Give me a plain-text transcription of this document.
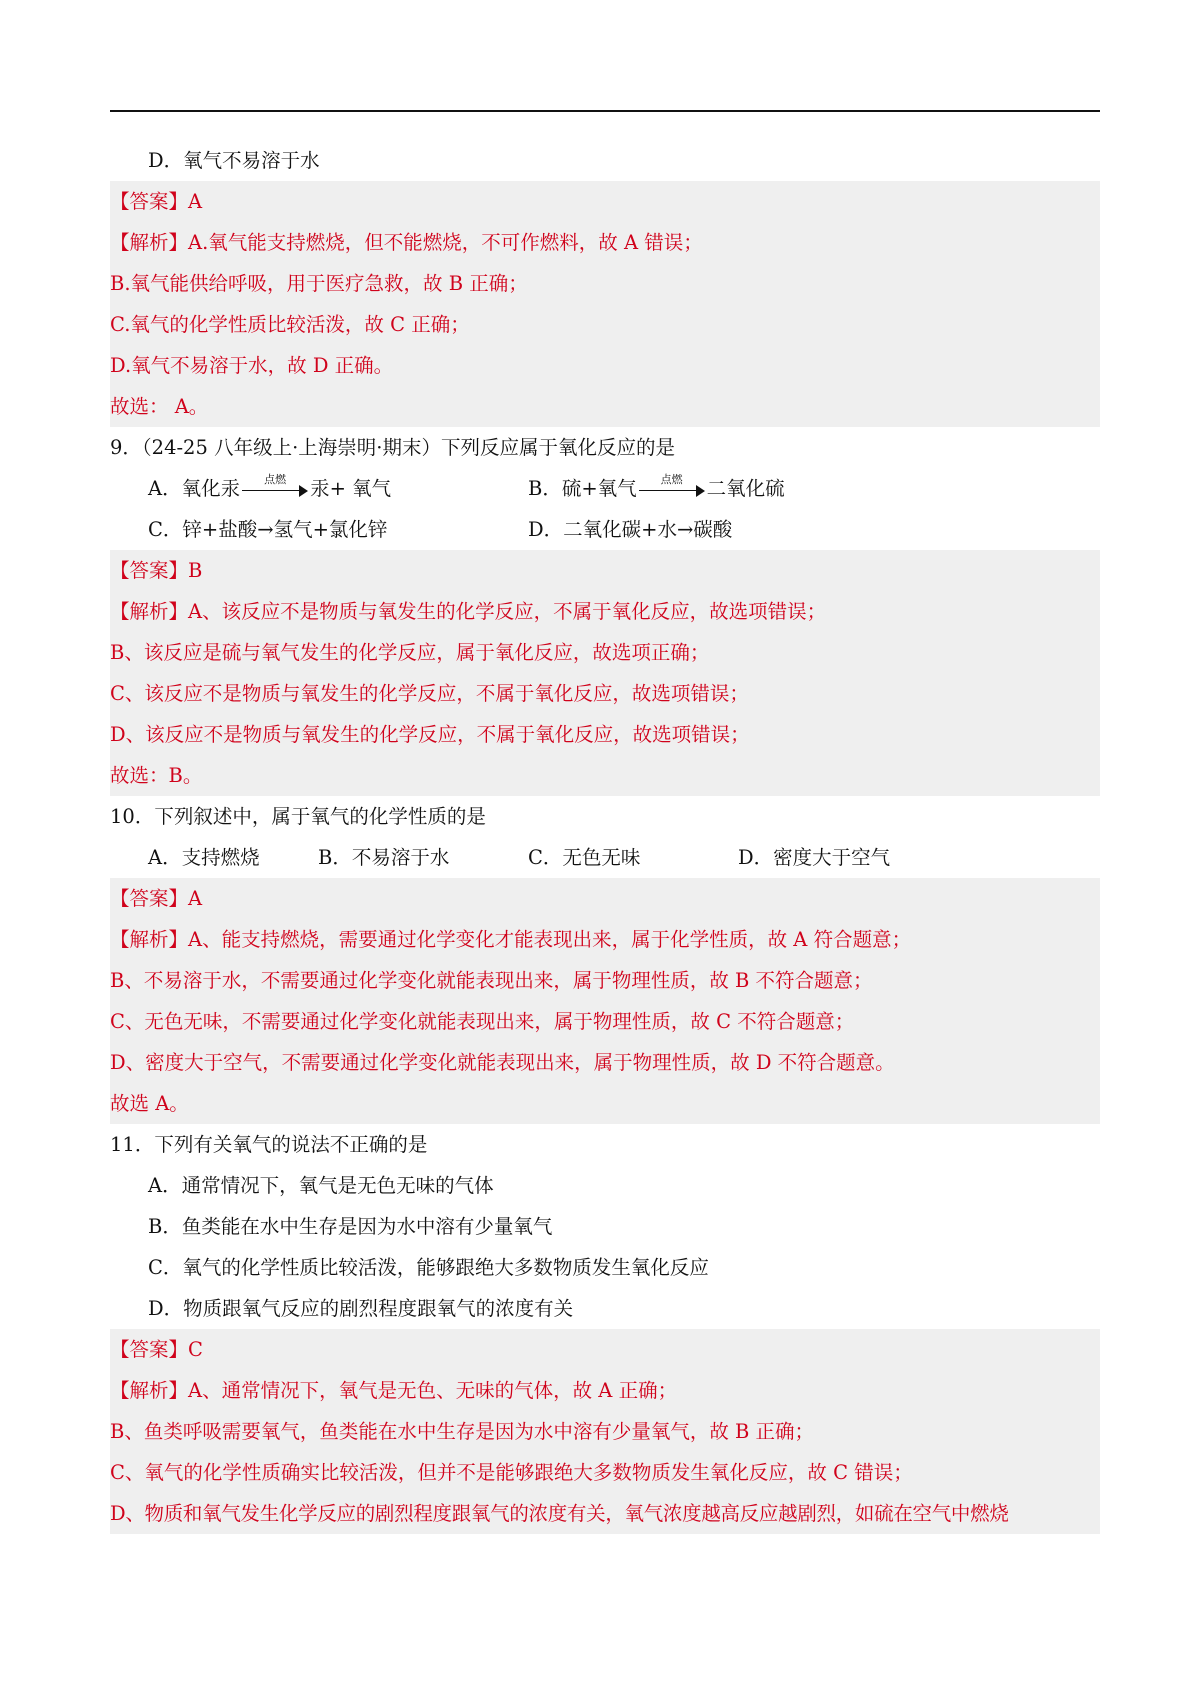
D．氧气不易溶于水
【答案】A
【解析】A.氧气能支持燃烧，但不能燃烧，不可作燃料，故 A 错误；
B.氧气能供给呼吸，用于医疗急救，故 B 正确；
C.氧气的化学性质比较活泼，故 C 正确；
D.氧气不易溶于水，故 D 正确。
故选： A。
9．（24-25 八年级上·上海崇明·期末）下列反应属于氧化反应的是
A．氧化汞	点燃	汞+ 氧气	B．硫+氧气	点燃	二氧化硫
C．锌+盐酸→氢气+氯化锌	D．二氧化碳+水→碳酸
【答案】B
【解析】A、该反应不是物质与氧发生的化学反应，不属于氧化反应，故选项错误；
B、该反应是硫与氧气发生的化学反应，属于氧化反应，故选项正确；
C、该反应不是物质与氧发生的化学反应，不属于氧化反应，故选项错误；
D、该反应不是物质与氧发生的化学反应，不属于氧化反应，故选项错误；
故选：B。
10．下列叙述中，属于氧气的化学性质的是
A．支持燃烧	B．不易溶于水	C．无色无味	D．密度大于空气
【答案】A
【解析】A、能支持燃烧，需要通过化学变化才能表现出来，属于化学性质，故 A 符合题意；
B、不易溶于水，不需要通过化学变化就能表现出来，属于物理性质，故 B 不符合题意；
C、无色无味，不需要通过化学变化就能表现出来，属于物理性质，故 C 不符合题意；
D、密度大于空气，不需要通过化学变化就能表现出来，属于物理性质，故 D 不符合题意。
故选 A。
11．下列有关氧气的说法不正确的是
A．通常情况下，氧气是无色无味的气体
B．鱼类能在水中生存是因为水中溶有少量氧气
C．氧气的化学性质比较活泼，能够跟绝大多数物质发生氧化反应
D．物质跟氧气反应的剧烈程度跟氧气的浓度有关
【答案】C
【解析】A、通常情况下，氧气是无色、无味的气体，故 A 正确；
B、鱼类呼吸需要氧气，鱼类能在水中生存是因为水中溶有少量氧气，故 B 正确；
C、氧气的化学性质确实比较活泼，但并不是能够跟绝大多数物质发生氧化反应，故 C 错误；
D、物质和氧气发生化学反应的剧烈程度跟氧气的浓度有关，氧气浓度越高反应越剧烈，如硫在空气中燃烧
